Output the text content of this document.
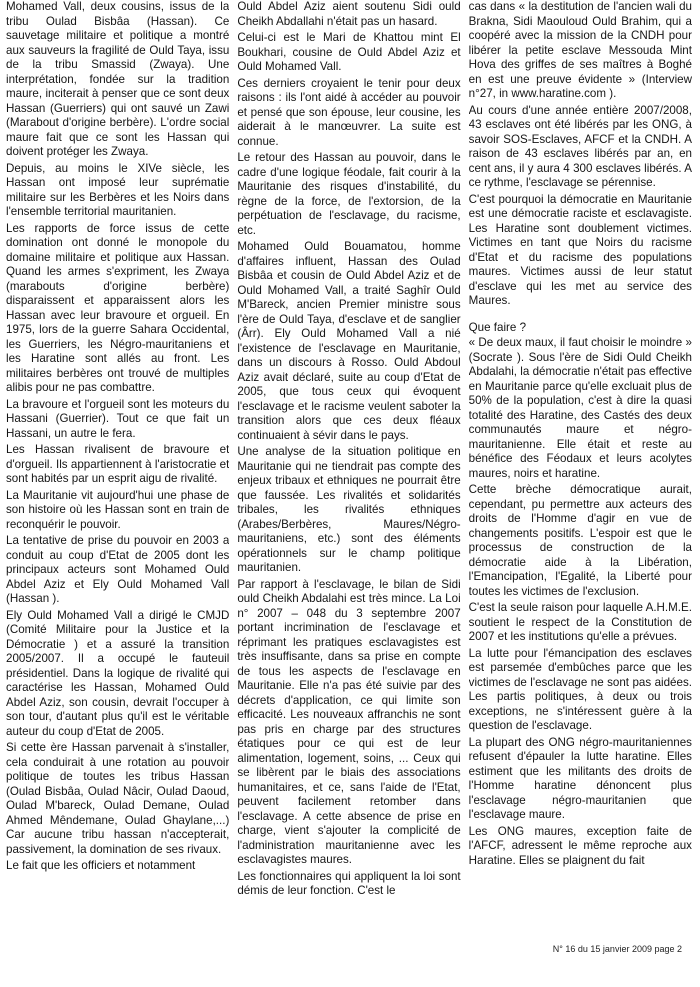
Mohamed Vall, deux cousins, issus de la tribu Oulad Bisbâa (Hassan). Ce sauvetage militaire et politique a montré aux sauveurs la fragilité de Ould Taya, issu de la tribu Smassid (Zwaya). Une interprétation, fondée sur la tradition maure, inciterait à penser que ce sont deux Hassan (Guerriers) qui ont sauvé un Zawi (Marabout d'origine berbère). L'ordre social maure fait que ce sont les Hassan qui doivent protéger les Zwaya.

Depuis, au moins le XIVe siècle, les Hassan ont imposé leur suprématie militaire sur les Berbères et les Noirs dans l'ensemble territorial mauritanien.

Les rapports de force issus de cette domination ont donné le monopole du domaine militaire et politique aux Hassan. Quand les armes s'expriment, les Zwaya (marabouts d'origine berbère) disparaissent et apparaissent alors les Hassan avec leur bravoure et orgueil. En 1975, lors de la guerre Sahara Occidental, les Guerriers, les Négro-mauritaniens et les Haratine sont allés au front. Les militaires berbères ont trouvé de multiples alibis pour ne pas combattre.

La bravoure et l'orgueil sont les moteurs du Hassani (Guerrier). Tout ce que fait un Hassani, un autre le fera.

Les Hassan rivalisent de bravoure et d'orgueil. Ils appartiennent à l'aristocratie et sont habités par un esprit aigu de rivalité.

La Mauritanie vit aujourd'hui une phase de son histoire où les Hassan sont en train de reconquérir le pouvoir.

La tentative de prise du pouvoir en 2003 a conduit au coup d'Etat de 2005 dont les principaux acteurs sont Mohamed Ould Abdel Aziz et Ely Ould Mohamed Vall (Hassan ).

Ely Ould Mohamed Vall a dirigé le CMJD (Comité Militaire pour la Justice et la Démocratie ) et a assuré la transition 2005/2007. Il a occupé le fauteuil présidentiel. Dans la logique de rivalité qui caractérise les Hassan, Mohamed Ould Abdel Aziz, son cousin, devrait l'occuper à son tour, d'autant plus qu'il est le véritable auteur du coup d'Etat de 2005.

Si cette ère Hassan parvenait à s'installer, cela conduirait à une rotation au pouvoir politique de toutes les tribus Hassan (Oulad Bisbâa, Oulad Nâcir, Oulad Daoud, Oulad M'bareck, Oulad Demane, Oulad Ahmed Mêndemane, Oulad Ghaylane,...) Car aucune tribu hassan n'accepterait, passivement, la domination de ses rivaux.

Le fait que les officiers et notamment

Ould Abdel Aziz aient soutenu Sidi ould Cheikh Abdallahi n'était pas un hasard.

Celui-ci est le Mari de Khattou mint El Boukhari, cousine de Ould Abdel Aziz et Ould Mohamed Vall.

Ces derniers croyaient le tenir pour deux raisons : ils l'ont aidé à accéder au pouvoir et pensé que son épouse, leur cousine, les aiderait à le manœuvrer. La suite est connue.

Le retour des Hassan au pouvoir, dans le cadre d'une logique féodale, fait courir à la Mauritanie des risques d'instabilité, du règne de la force, de l'extorsion, de la perpétuation de l'esclavage, du racisme, etc.

Mohamed Ould Bouamatou, homme d'affaires influent, Hassan des Oulad Bisbâa et cousin de Ould Abdel Aziz et de Ould Mohamed Vall, a traité Saghîr Ould M'Bareck, ancien Premier ministre sous l'ère de Ould Taya, d'esclave et de sanglier (Ârr). Ely Ould Mohamed Vall a nié l'existence de l'esclavage en Mauritanie, dans un discours à Rosso. Ould Abdoul Aziz avait déclaré, suite au coup d'Etat de 2005, que tous ceux qui évoquent l'esclavage et le racisme veulent saboter la transition alors que ces deux fléaux continuaient à sévir dans le pays.

Une analyse de la situation politique en Mauritanie qui ne tiendrait pas compte des enjeux tribaux et ethniques ne pourrait être que faussée. Les rivalités et solidarités tribales, les rivalités ethniques (Arabes/Berbères, Maures/Négro-mauritaniens, etc.) sont des éléments opérationnels sur le champ politique mauritanien.

Par rapport à l'esclavage, le bilan de Sidi ould Cheikh Abdalahi est très mince. La Loi n° 2007 – 048 du 3 septembre 2007 portant incrimination de l'esclavage et réprimant les pratiques esclavagistes est très insuffisante, dans sa prise en compte de tous les aspects de l'esclavage en Mauritanie. Elle n'a pas été suivie par des décrets d'application, ce qui limite son efficacité. Les nouveaux affranchis ne sont pas pris en charge par des structures étatiques pour ce qui est de leur alimentation, logement, soins, ... Ceux qui se libèrent par le biais des associations humanitaires, et ce, sans l'aide de l'Etat, peuvent facilement retomber dans l'esclavage. A cette absence de prise en charge, vient s'ajouter la complicité de l'administration mauritanienne avec les esclavagistes maures.

Les fonctionnaires qui appliquent la loi sont démis de leur fonction. C'est le

cas dans « la destitution de l'ancien wali du Brakna, Sidi Maouloud Ould Brahim, qui a coopéré avec la mission de la CNDH pour libérer la petite esclave Messouda Mint Hova des griffes de ses maîtres à Boghé en est une preuve évidente » (Interview n°27, in www.haratine.com ).

Au cours d'une année entière 2007/2008, 43 esclaves ont été libérés par les ONG, à savoir SOS-Esclaves, AFCF et la CNDH. A raison de 43 esclaves libérés par an, en cent ans, il y aura 4 300 esclaves libérés. A ce rythme, l'esclavage se pérennise.

C'est pourquoi la démocratie en Mauritanie est une démocratie raciste et esclavagiste. Les Haratine sont doublement victimes. Victimes en tant que Noirs du racisme d'Etat et du racisme des populations maures. Victimes aussi de leur statut d'esclave qui les met au service des Maures.

Que faire ?

« De deux maux, il faut choisir le moindre » (Socrate ). Sous l'ère de Sidi Ould Cheikh Abdalahi, la démocratie n'était pas effective en Mauritanie parce qu'elle excluait plus de 50% de la population, c'est à dire la quasi totalité des Haratine, des Castés des deux communautés maure et négro-mauritanienne. Elle était et reste au bénéfice des Féodaux et leurs acolytes maures, noirs et haratine.

Cette brèche démocratique aurait, cependant, pu permettre aux acteurs des droits de l'Homme d'agir en vue de changements positifs. L'espoir est que le processus de construction de la démocratie aide à la Libération, l'Emancipation, l'Egalité, la Liberté pour toutes les victimes de l'exclusion.

C'est la seule raison pour laquelle A.H.M.E. soutient le respect de la Constitution de 2007 et les institutions qu'elle a prévues.

La lutte pour l'émancipation des esclaves est parsemée d'embûches parce que les victimes de l'esclavage ne sont pas aidées. Les partis politiques, à deux ou trois exceptions, ne s'intéressent guère à la question de l'esclavage.

La plupart des ONG négro-mauritaniennes refusent d'épauler la lutte haratine. Elles estiment que les militants des droits de l'Homme haratine dénoncent plus l'esclavage négro-mauritanien que l'esclavage maure.

Les ONG maures, exception faite de l'AFCF, adressent le même reproche aux Haratine. Elles se plaignent du fait

N° 16 du 15 janvier 2009 page 2
